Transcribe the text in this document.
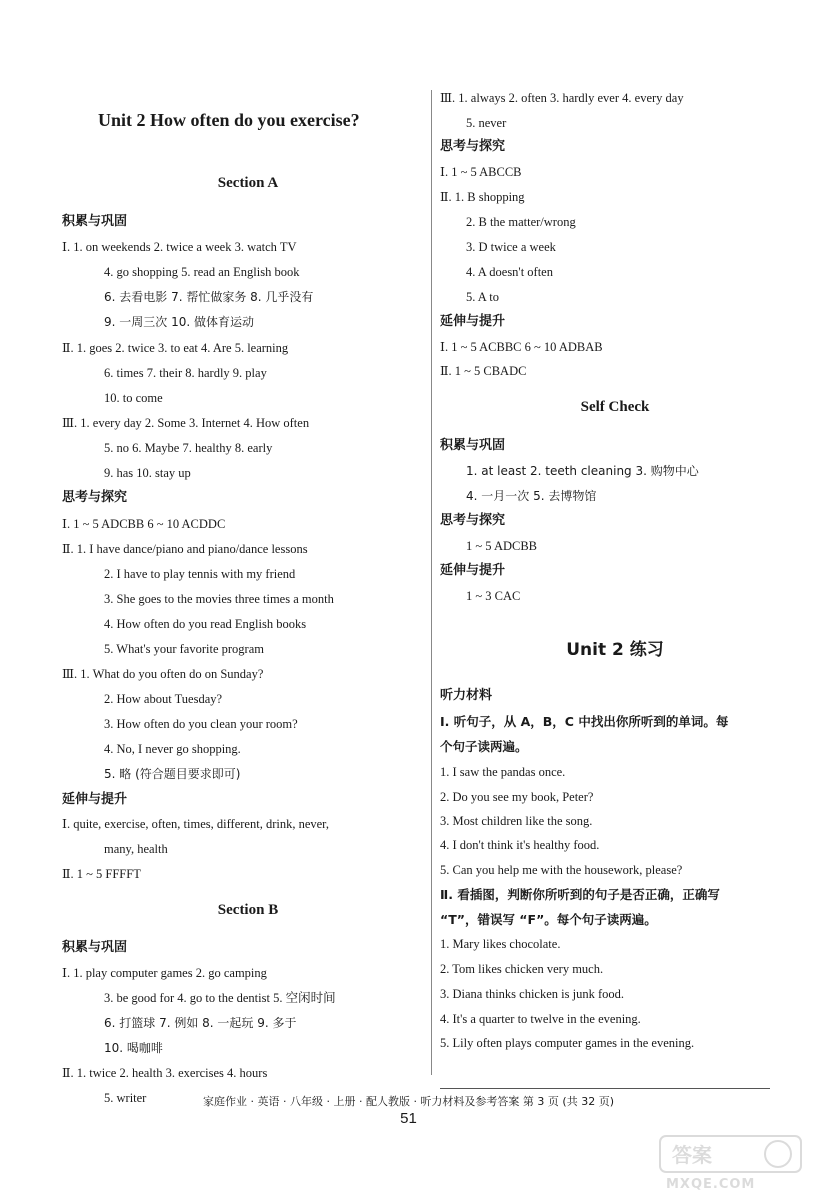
Unit 2 How often do you exercise?
Section A
积累与巩固
Ⅰ. 1. on weekends 2. twice a week 3. watch TV
4. go shopping 5. read an English book
6. 去看电影 7. 帮忙做家务 8. 几乎没有
9. 一周三次 10. 做体育运动
Ⅱ. 1. goes 2. twice 3. to eat 4. Are 5. learning
6. times 7. their 8. hardly 9. play
10. to come
Ⅲ. 1. every day 2. Some 3. Internet 4. How often
5. no 6. Maybe 7. healthy 8. early
9. has 10. stay up
思考与探究
Ⅰ. 1 ~ 5 ADCBB 6 ~ 10 ACDDC
Ⅱ. 1. I have dance/piano and piano/dance lessons
2. I have to play tennis with my friend
3. She goes to the movies three times a month
4. How often do you read English books
5. What's your favorite program
Ⅲ. 1. What do you often do on Sunday?
2. How about Tuesday?
3. How often do you clean your room?
4. No, I never go shopping.
5. 略 (符合题目要求即可)
延伸与提升
Ⅰ. quite, exercise, often, times, different, drink, never,
many, health
Ⅱ. 1 ~ 5 FFFFT
Section B
积累与巩固
Ⅰ. 1. play computer games 2. go camping
3. be good for 4. go to the dentist 5. 空闲时间
6. 打篮球 7. 例如 8. 一起玩 9. 多于
10. 喝咖啡
Ⅱ. 1. twice 2. health 3. exercises 4. hours
5. writer
Ⅲ. 1. always 2. often 3. hardly ever 4. every day
5. never
思考与探究
Ⅰ. 1 ~ 5 ABCCB
Ⅱ. 1. B shopping
2. B the matter/wrong
3. D twice a week
4. A doesn't often
5. A to
延伸与提升
Ⅰ. 1 ~ 5 ACBBC 6 ~ 10 ADBAB
Ⅱ. 1 ~ 5 CBADC
Self Check
积累与巩固
1. at least 2. teeth cleaning 3. 购物中心
4. 一月一次 5. 去博物馆
思考与探究
1 ~ 5 ADCBB
延伸与提升
1 ~ 3 CAC
Unit 2 练习
听力材料
Ⅰ. 听句子，从 A，B，C 中找出你所听到的单词。每
个句子读两遍。
1. I saw the pandas once.
2. Do you see my book, Peter?
3. Most children like the song.
4. I don't think it's healthy food.
5. Can you help me with the housework, please?
Ⅱ. 看插图，判断你所听到的句子是否正确，正确写
“T”，错误写 “F”。每个句子读两遍。
1. Mary likes chocolate.
2. Tom likes chicken very much.
3. Diana thinks chicken is junk food.
4. It's a quarter to twelve in the evening.
5. Lily often plays computer games in the evening.
家庭作业 · 英语 · 八年级 · 上册 · 配人教版 · 听力材料及参考答案 第 3 页 (共 32 页)
51
答案
MXQE.COM
